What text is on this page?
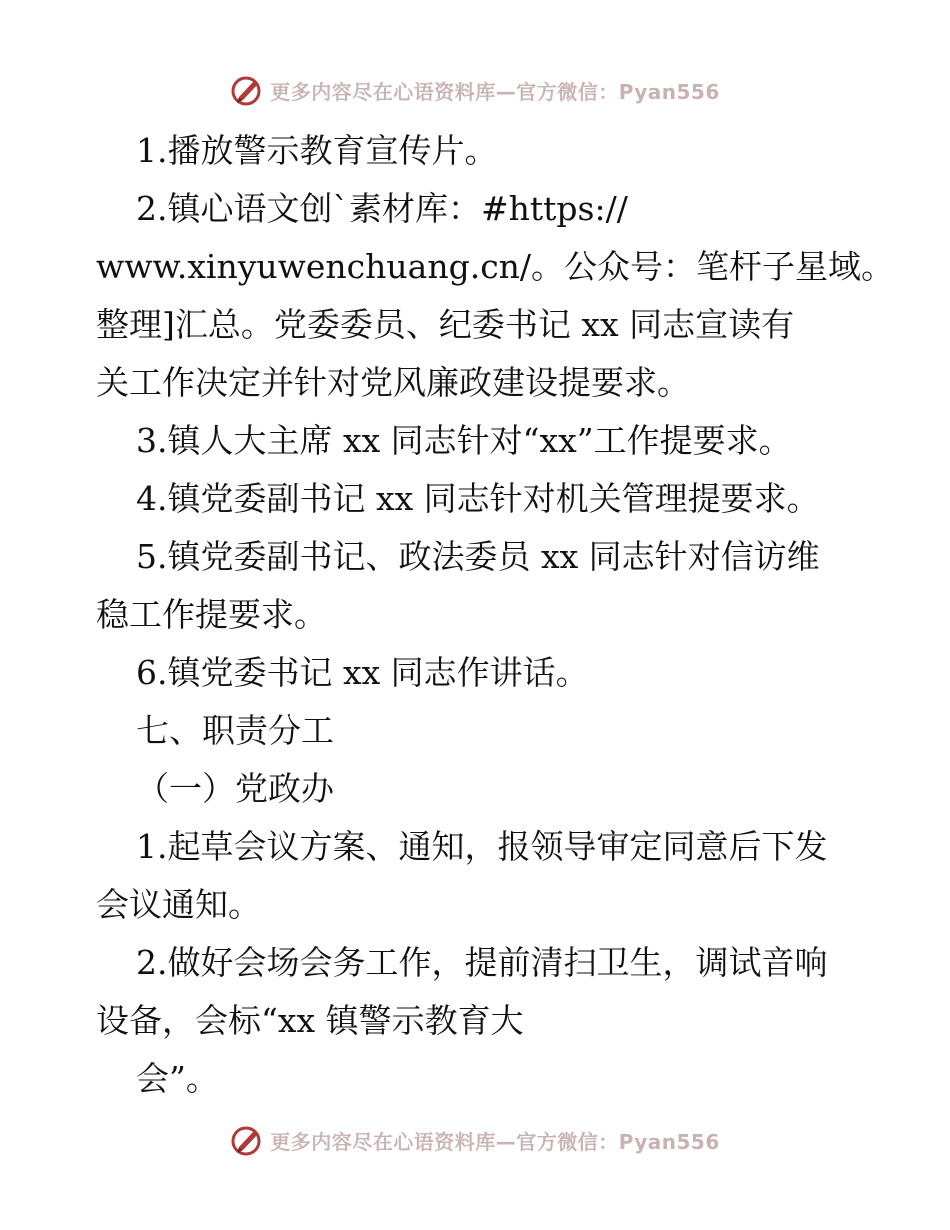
更多内容尽在心语资料库—官方微信：Pyan556
1.播放警示教育宣传片。
2.镇心语文创`素材库：#https://
www.xinyuwenchuang.cn/。公众号：笔杆子星域。
整理]汇总。党委委员、纪委书记 xx 同志宣读有
关工作决定并针对党风廉政建设提要求。
3.镇人大主席 xx 同志针对“xx”工作提要求。
4.镇党委副书记 xx 同志针对机关管理提要求。
5.镇党委副书记、政法委员 xx 同志针对信访维
稳工作提要求。
6.镇党委书记 xx 同志作讲话。
七、职责分工
（一）党政办
1.起草会议方案、通知，报领导审定同意后下发
会议通知。
2.做好会场会务工作，提前清扫卫生，调试音响
设备，会标“xx 镇警示教育大
会”。
更多内容尽在心语资料库—官方微信：Pyan556
